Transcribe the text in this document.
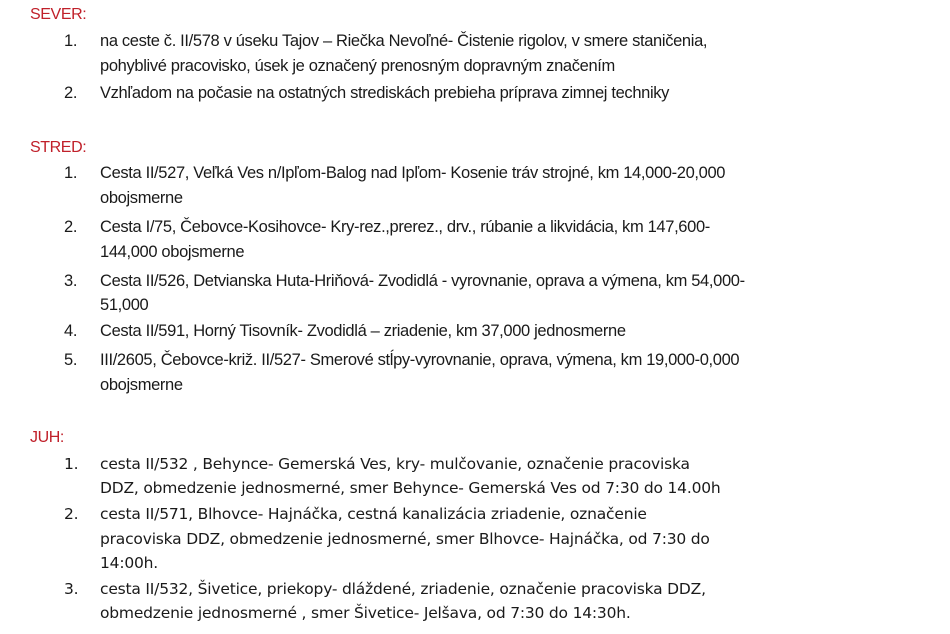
SEVER:
1. na ceste č. II/578 v úseku Tajov – Riečka Nevoľné- Čistenie rigolov, v smere staničenia,
pohyblivé pracovisko, úsek je označený prenosným dopravným značením
2. Vzhľadom na počasie na ostatných strediskách prebieha príprava zimnej techniky
STRED:
1. Cesta II/527, Veľká Ves n/Ipľom-Balog nad Ipľom- Kosenie tráv strojné, km 14,000-20,000
obojsmerne
2. Cesta I/75, Čebovce-Kosihovce- Kry-rez.,prerez., drv., rúbanie a likvidácia, km 147,600-
144,000 obojsmerne
3. Cesta II/526, Detvianska Huta-Hriňová- Zvodidlá - vyrovnanie, oprava a výmena, km 54,000-
51,000
4. Cesta II/591, Horný Tisovník- Zvodidlá – zriadenie, km 37,000 jednosmerne
5. III/2605, Čebovce-križ. II/527- Smerové stĺpy-vyrovnanie, oprava, výmena, km 19,000-0,000
obojsmerne
JUH:
1. cesta II/532 , Behynce- Gemerská Ves, kry- mulčovanie, označenie pracoviska
DDZ, obmedzenie jednosmerné, smer Behynce- Gemerská Ves od 7:30 do 14.00h
2. cesta II/571, Blhovce- Hajnáčka, cestná kanalizácia zriadenie, označenie
pracoviska DDZ, obmedzenie jednosmerné, smer Blhovce- Hajnáčka, od 7:30 do
14:00h.
3. cesta II/532, Šivetice, priekopy- dláždené, zriadenie, označenie pracoviska DDZ,
obmedzenie jednosmerné , smer Šivetice- Jelšava, od 7:30 do 14:30h.
